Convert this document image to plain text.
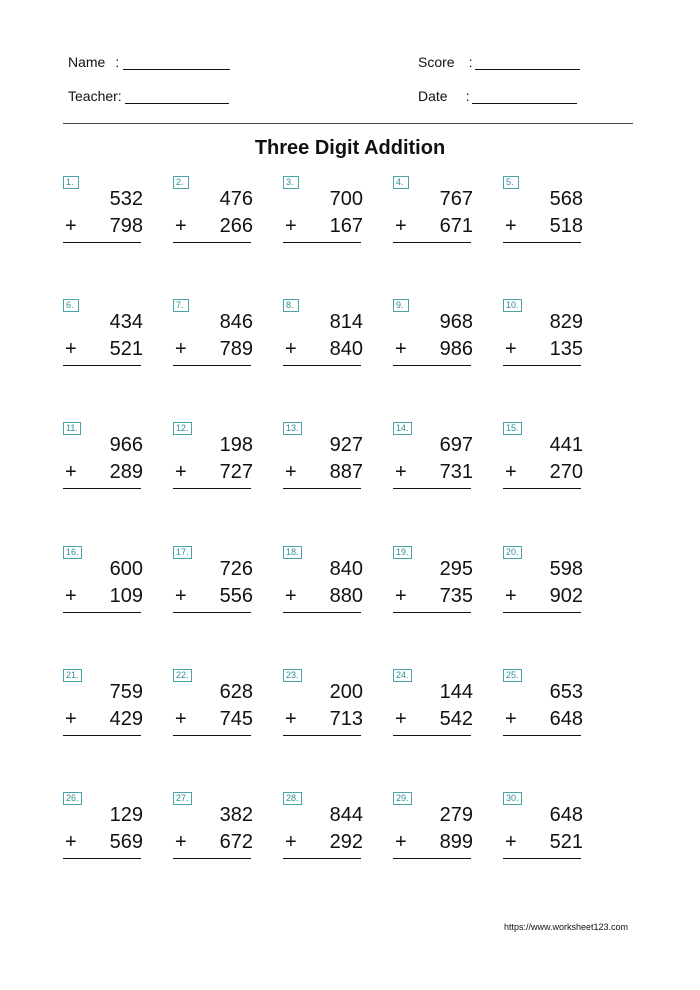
Name :
Teacher:
Score :
Date :
Three Digit Addition
1.
532
+ 798
2.
476
+ 266
3.
700
+ 167
4.
767
+ 671
5.
568
+ 518
6.
434
+ 521
7.
846
+ 789
8.
814
+ 840
9.
968
+ 986
10.
829
+ 135
11.
966
+ 289
12.
198
+ 727
13.
927
+ 887
14.
697
+ 731
15.
441
+ 270
16.
600
+ 109
17.
726
+ 556
18.
840
+ 880
19.
295
+ 735
20.
598
+ 902
21.
759
+ 429
22.
628
+ 745
23.
200
+ 713
24.
144
+ 542
25.
653
+ 648
26.
129
+ 569
27.
382
+ 672
28.
844
+ 292
29.
279
+ 899
30.
648
+ 521
https://www.worksheet123.com
